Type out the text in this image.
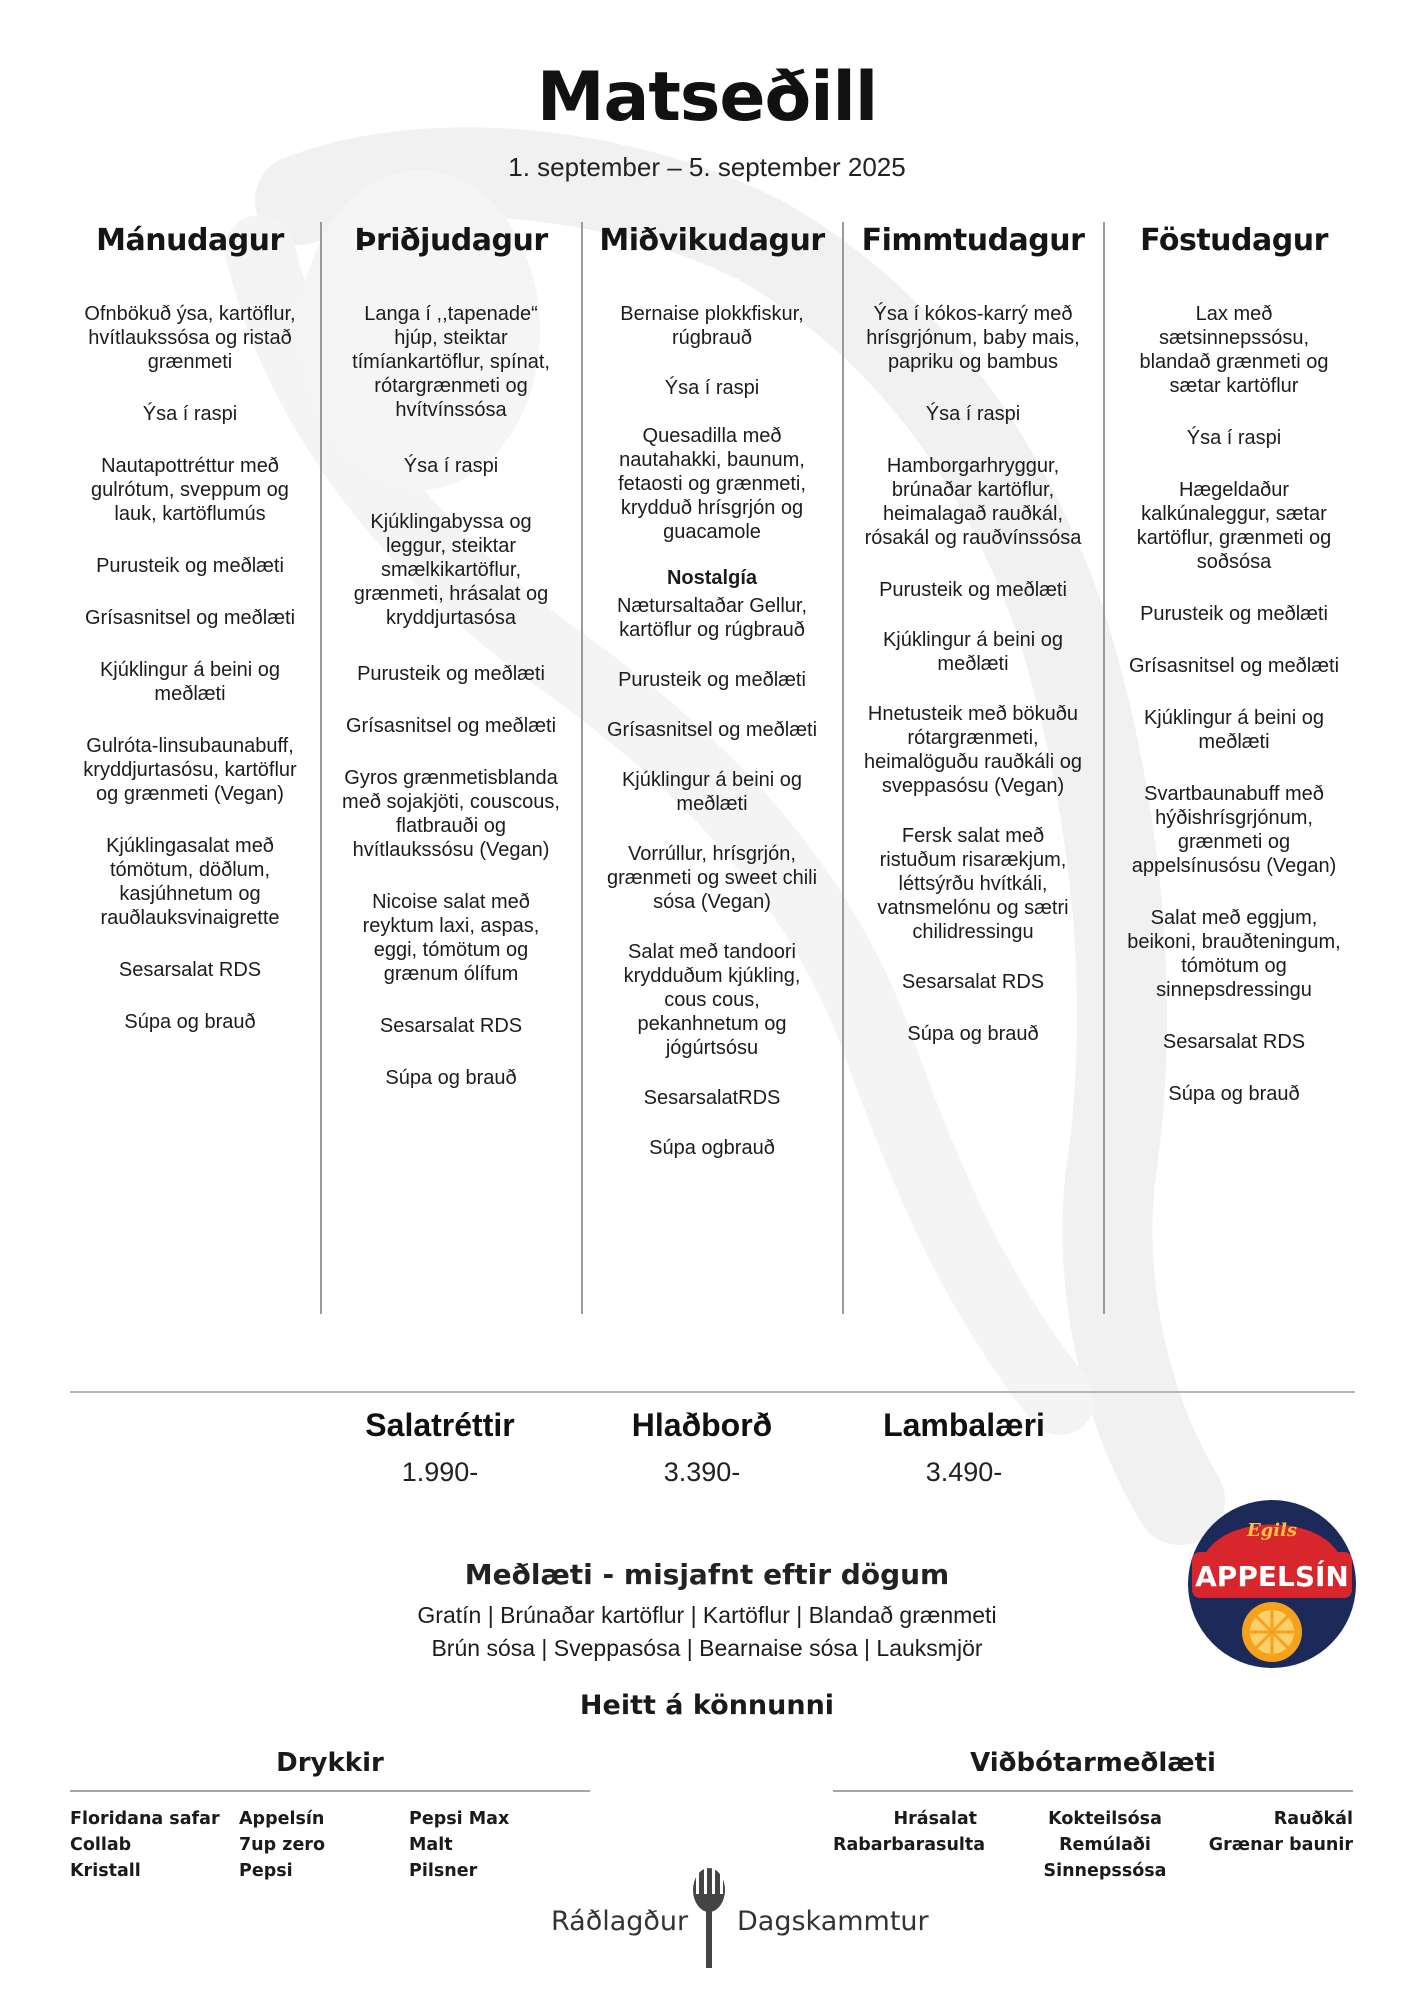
Matseðill
1. september – 5. september 2025
Mánudagur
Ofnbökuð ýsa, kartöflur, hvítlaukssósa og ristað grænmeti
Ýsa í raspi
Nautapottréttur með gulrótum, sveppum og lauk, kartöflumús
Purusteik og meðlæti
Grísasnitsel og meðlæti
Kjúklingur á beini og meðlæti
Gulróta-linsubaunabuff, kryddjurtasósu, kartöflur og grænmeti (Vegan)
Kjúklingasalat með tómötum, döðlum, kasjúhnetum og rauðlauksvinaigrette
Sesarsalat RDS
Súpa og brauð
Þriðjudagur
Langa í ,,tapenade“ hjúp, steiktar tímíankartöflur, spínat, rótargrænmeti og hvítvínssósa
Ýsa í raspi
Kjúklingabyssa og leggur, steiktar smælkikartöflur, grænmeti, hrásalat og kryddjurtasósa
Purusteik og meðlæti
Grísasnitsel og meðlæti
Gyros grænmetisblanda með sojakjöti, couscous, flatbrauði og hvítlaukssósu (Vegan)
Nicoise salat með reyktum laxi, aspas, eggi, tómötum og grænum ólífum
Sesarsalat RDS
Súpa og brauð
Miðvikudagur
Bernaise plokkfiskur, rúgbrauð
Ýsa í raspi
Quesadilla með nautahakki, baunum, fetaosti og grænmeti, krydduð hrísgrjón og guacamole
Nostalgía
Nætursaltaðar Gellur, kartöflur og rúgbrauð
Purusteik og meðlæti
Grísasnitsel og meðlæti
Kjúklingur á beini og meðlæti
Vorrúllur, hrísgrjón, grænmeti og sweet chili sósa (Vegan)
Salat með tandoori krydduðum kjúkling, cous cous, pekanhnetum og jógúrtsósu
SesarsalatRDS
Súpa ogbrauð
Fimmtudagur
Ýsa í kókos-karrý með hrísgrjónum, baby mais, papriku og bambus
Ýsa í raspi
Hamborgarhryggur, brúnaðar kartöflur, heimalagað rauðkál, rósakál og rauðvínssósa
Purusteik og meðlæti
Kjúklingur á beini og meðlæti
Hnetusteik með bökuðu rótargrænmeti, heimalöguðu rauðkáli og sveppasósu (Vegan)
Fersk salat með ristuðum risarækjum, léttsýrðu hvítkáli, vatnsmelónu og sætri chilidressingu
Sesarsalat RDS
Súpa og brauð
Föstudagur
Lax með sætsinnepssósu, blandað grænmeti og sætar kartöflur
Ýsa í raspi
Hægeldaður kalkúnaleggur, sætar kartöflur, grænmeti og soðsósa
Purusteik og meðlæti
Grísasnitsel og meðlæti
Kjúklingur á beini og meðlæti
Svartbaunabuff með hýðishrísgrjónum, grænmeti og appelsínusósu (Vegan)
Salat með eggjum, beikoni, brauðteningum, tómötum og sinnepsdressingu
Sesarsalat RDS
Súpa og brauð
Salatréttir
1.990-
Hlaðborð
3.390-
Lambalæri
3.490-
Egils
APPELSÍN
Meðlæti - misjafnt eftir dögum
Gratín | Brúnaðar kartöflur | Kartöflur | Blandað grænmeti
Brún sósa | Sveppasósa | Bearnaise sósa | Lauksmjör
Heitt á könnunni
Drykkir
Floridana safar
Collab
Kristall
Appelsín
7up zero
Pepsi
Pepsi Max
Malt
Pilsner
Viðbótarmeðlæti
Hrásalat
Rabarbarasulta
Kokteilsósa
Remúlaði
Sinnepssósa
Rauðkál
Grænar baunir
Ráðlagður Dagskammtur
